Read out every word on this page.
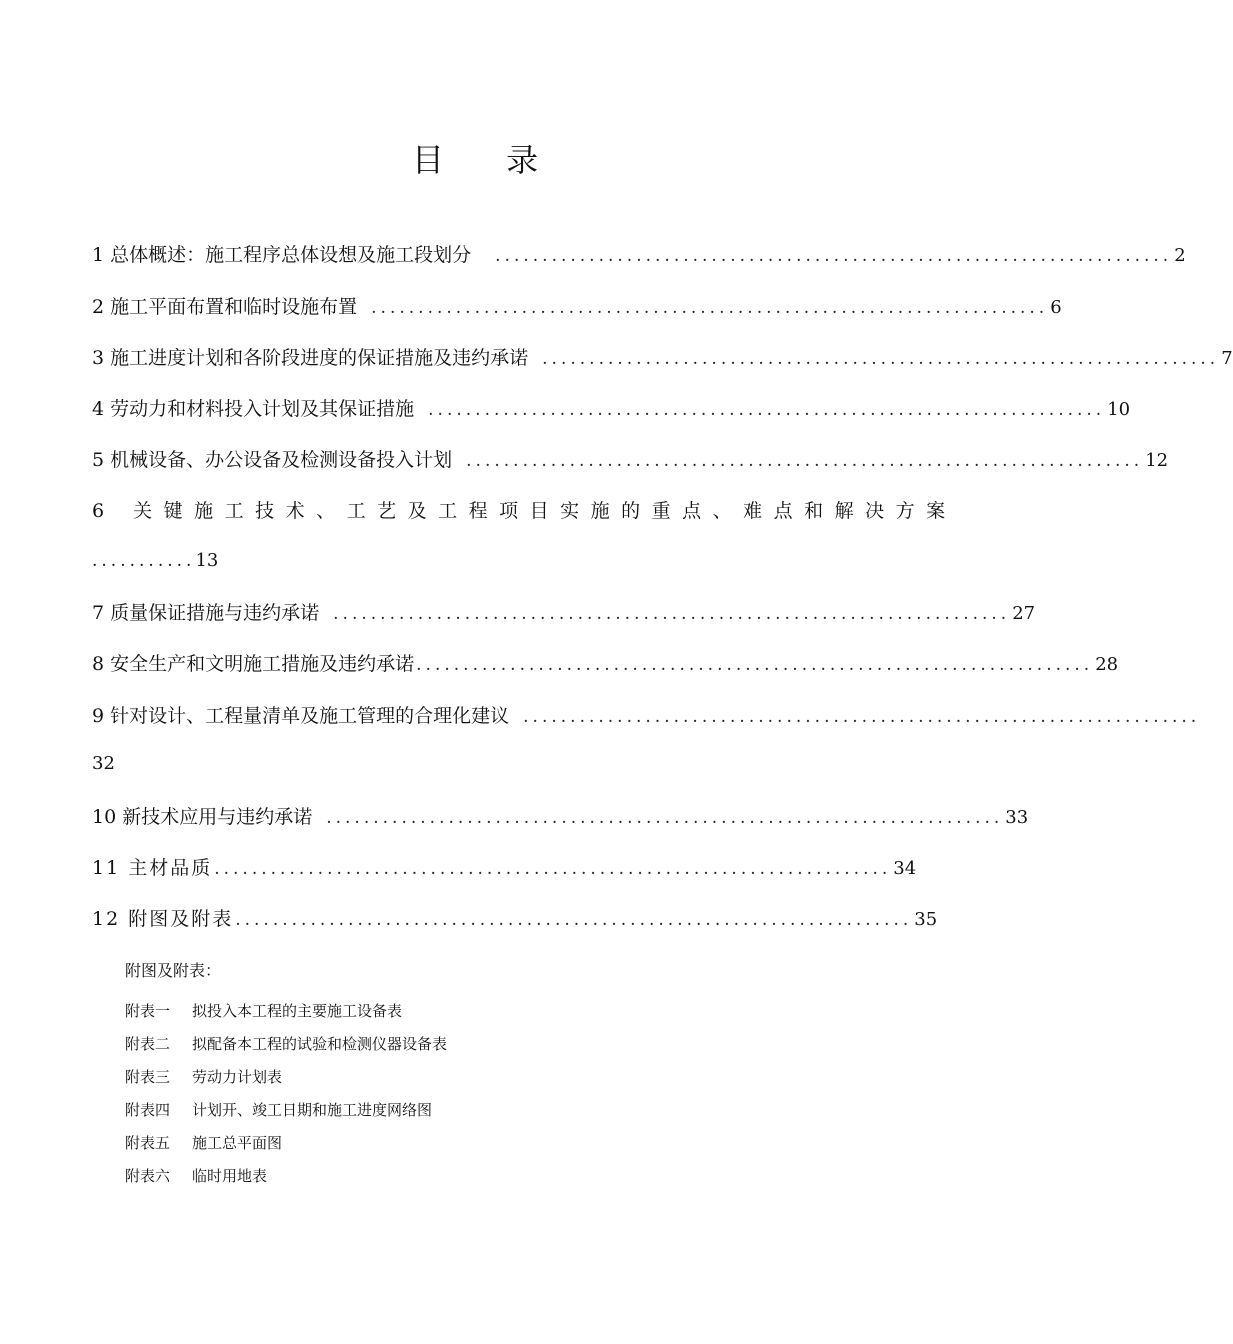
目 录
1 总体概述：施工程序总体设想及施工段划分 ........................................................................ 2
2 施工平面布置和临时设施布置 ........................................................................ 6
3 施工进度计划和各阶段进度的保证措施及违约承诺 ........................................................................ 7
4 劳动力和材料投入计划及其保证措施 ........................................................................ 10
5 机械设备、办公设备及检测设备投入计划 ........................................................................ 12
6 关键施工技术、工艺及工程项目实施的重点、难点和解决方案
...........13
7 质量保证措施与违约承诺 ........................................................................ 27
8 安全生产和文明施工措施及违约承诺 ........................................................................ 28
9 针对设计、工程量清单及施工管理的合理化建议 ........................................................................
32
10 新技术应用与违约承诺 ........................................................................ 33
11 主材品质 ........................................................................ 34
12 附图及附表 ........................................................................ 35
附图及附表：
附表一 拟投入本工程的主要施工设备表
附表二 拟配备本工程的试验和检测仪器设备表
附表三 劳动力计划表
附表四 计划开、竣工日期和施工进度网络图
附表五 施工总平面图
附表六 临时用地表
